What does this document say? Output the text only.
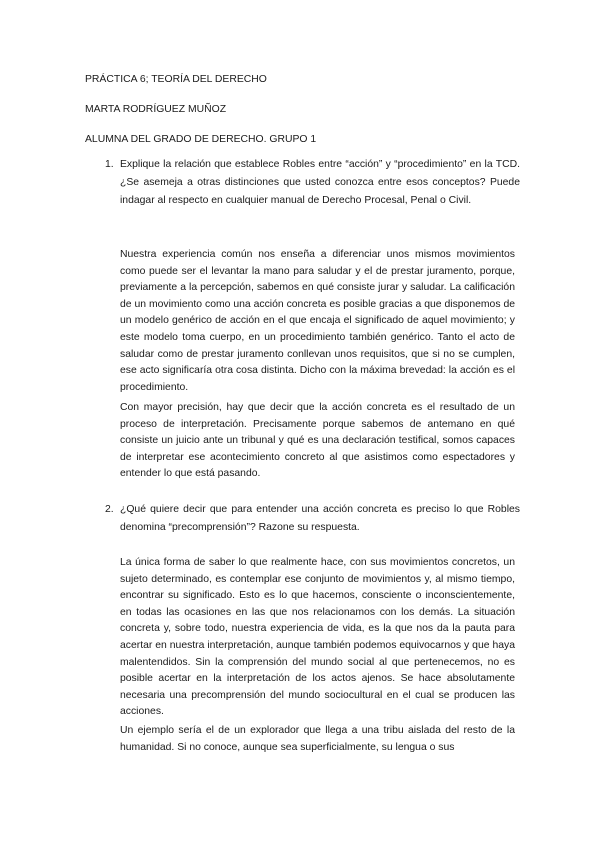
PRÁCTICA 6; TEORÍA DEL DERECHO
MARTA RODRÍGUEZ MUÑOZ
ALUMNA DEL GRADO DE DERECHO. GRUPO 1
1. Explique la relación que establece Robles entre “acción” y “procedimiento” en la TCD. ¿Se asemeja a otras distinciones que usted conozca entre esos conceptos? Puede indagar al respecto en cualquier manual de Derecho Procesal, Penal o Civil.
Nuestra experiencia común nos enseña a diferenciar unos mismos movimientos como puede ser el levantar la mano para saludar y el de prestar juramento, porque, previamente a la percepción, sabemos en qué consiste jurar y saludar. La calificación de un movimiento como una acción concreta es posible gracias a que disponemos de un modelo genérico de acción en el que encaja el significado de aquel movimiento; y este modelo toma cuerpo, en un procedimiento también genérico. Tanto el acto de saludar como de prestar juramento conllevan unos requisitos, que si no se cumplen, ese acto significaría otra cosa distinta. Dicho con la máxima brevedad: la acción es el procedimiento.
Con mayor precisión, hay que decir que la acción concreta es el resultado de un proceso de interpretación. Precisamente porque sabemos de antemano en qué consiste un juicio ante un tribunal y qué es una declaración testifical, somos capaces de interpretar ese acontecimiento concreto al que asistimos como espectadores y entender lo que está pasando.
2. ¿Qué quiere decir que para entender una acción concreta es preciso lo que Robles denomina “precomprensión”? Razone su respuesta.
La única forma de saber lo que realmente hace, con sus movimientos concretos, un sujeto determinado, es contemplar ese conjunto de movimientos y, al mismo tiempo, encontrar su significado. Esto es lo que hacemos, consciente o inconscientemente, en todas las ocasiones en las que nos relacionamos con los demás. La situación concreta y, sobre todo, nuestra experiencia de vida, es la que nos da la pauta para acertar en nuestra interpretación, aunque también podemos equivocarnos y que haya malentendidos. Sin la comprensión del mundo social al que pertenecemos, no es posible acertar en la interpretación de los actos ajenos. Se hace absolutamente necesaria una precomprensión del mundo sociocultural en el cual se producen las acciones.
Un ejemplo sería el de un explorador que llega a una tribu aislada del resto de la humanidad. Si no conoce, aunque sea superficialmente, su lengua o sus
